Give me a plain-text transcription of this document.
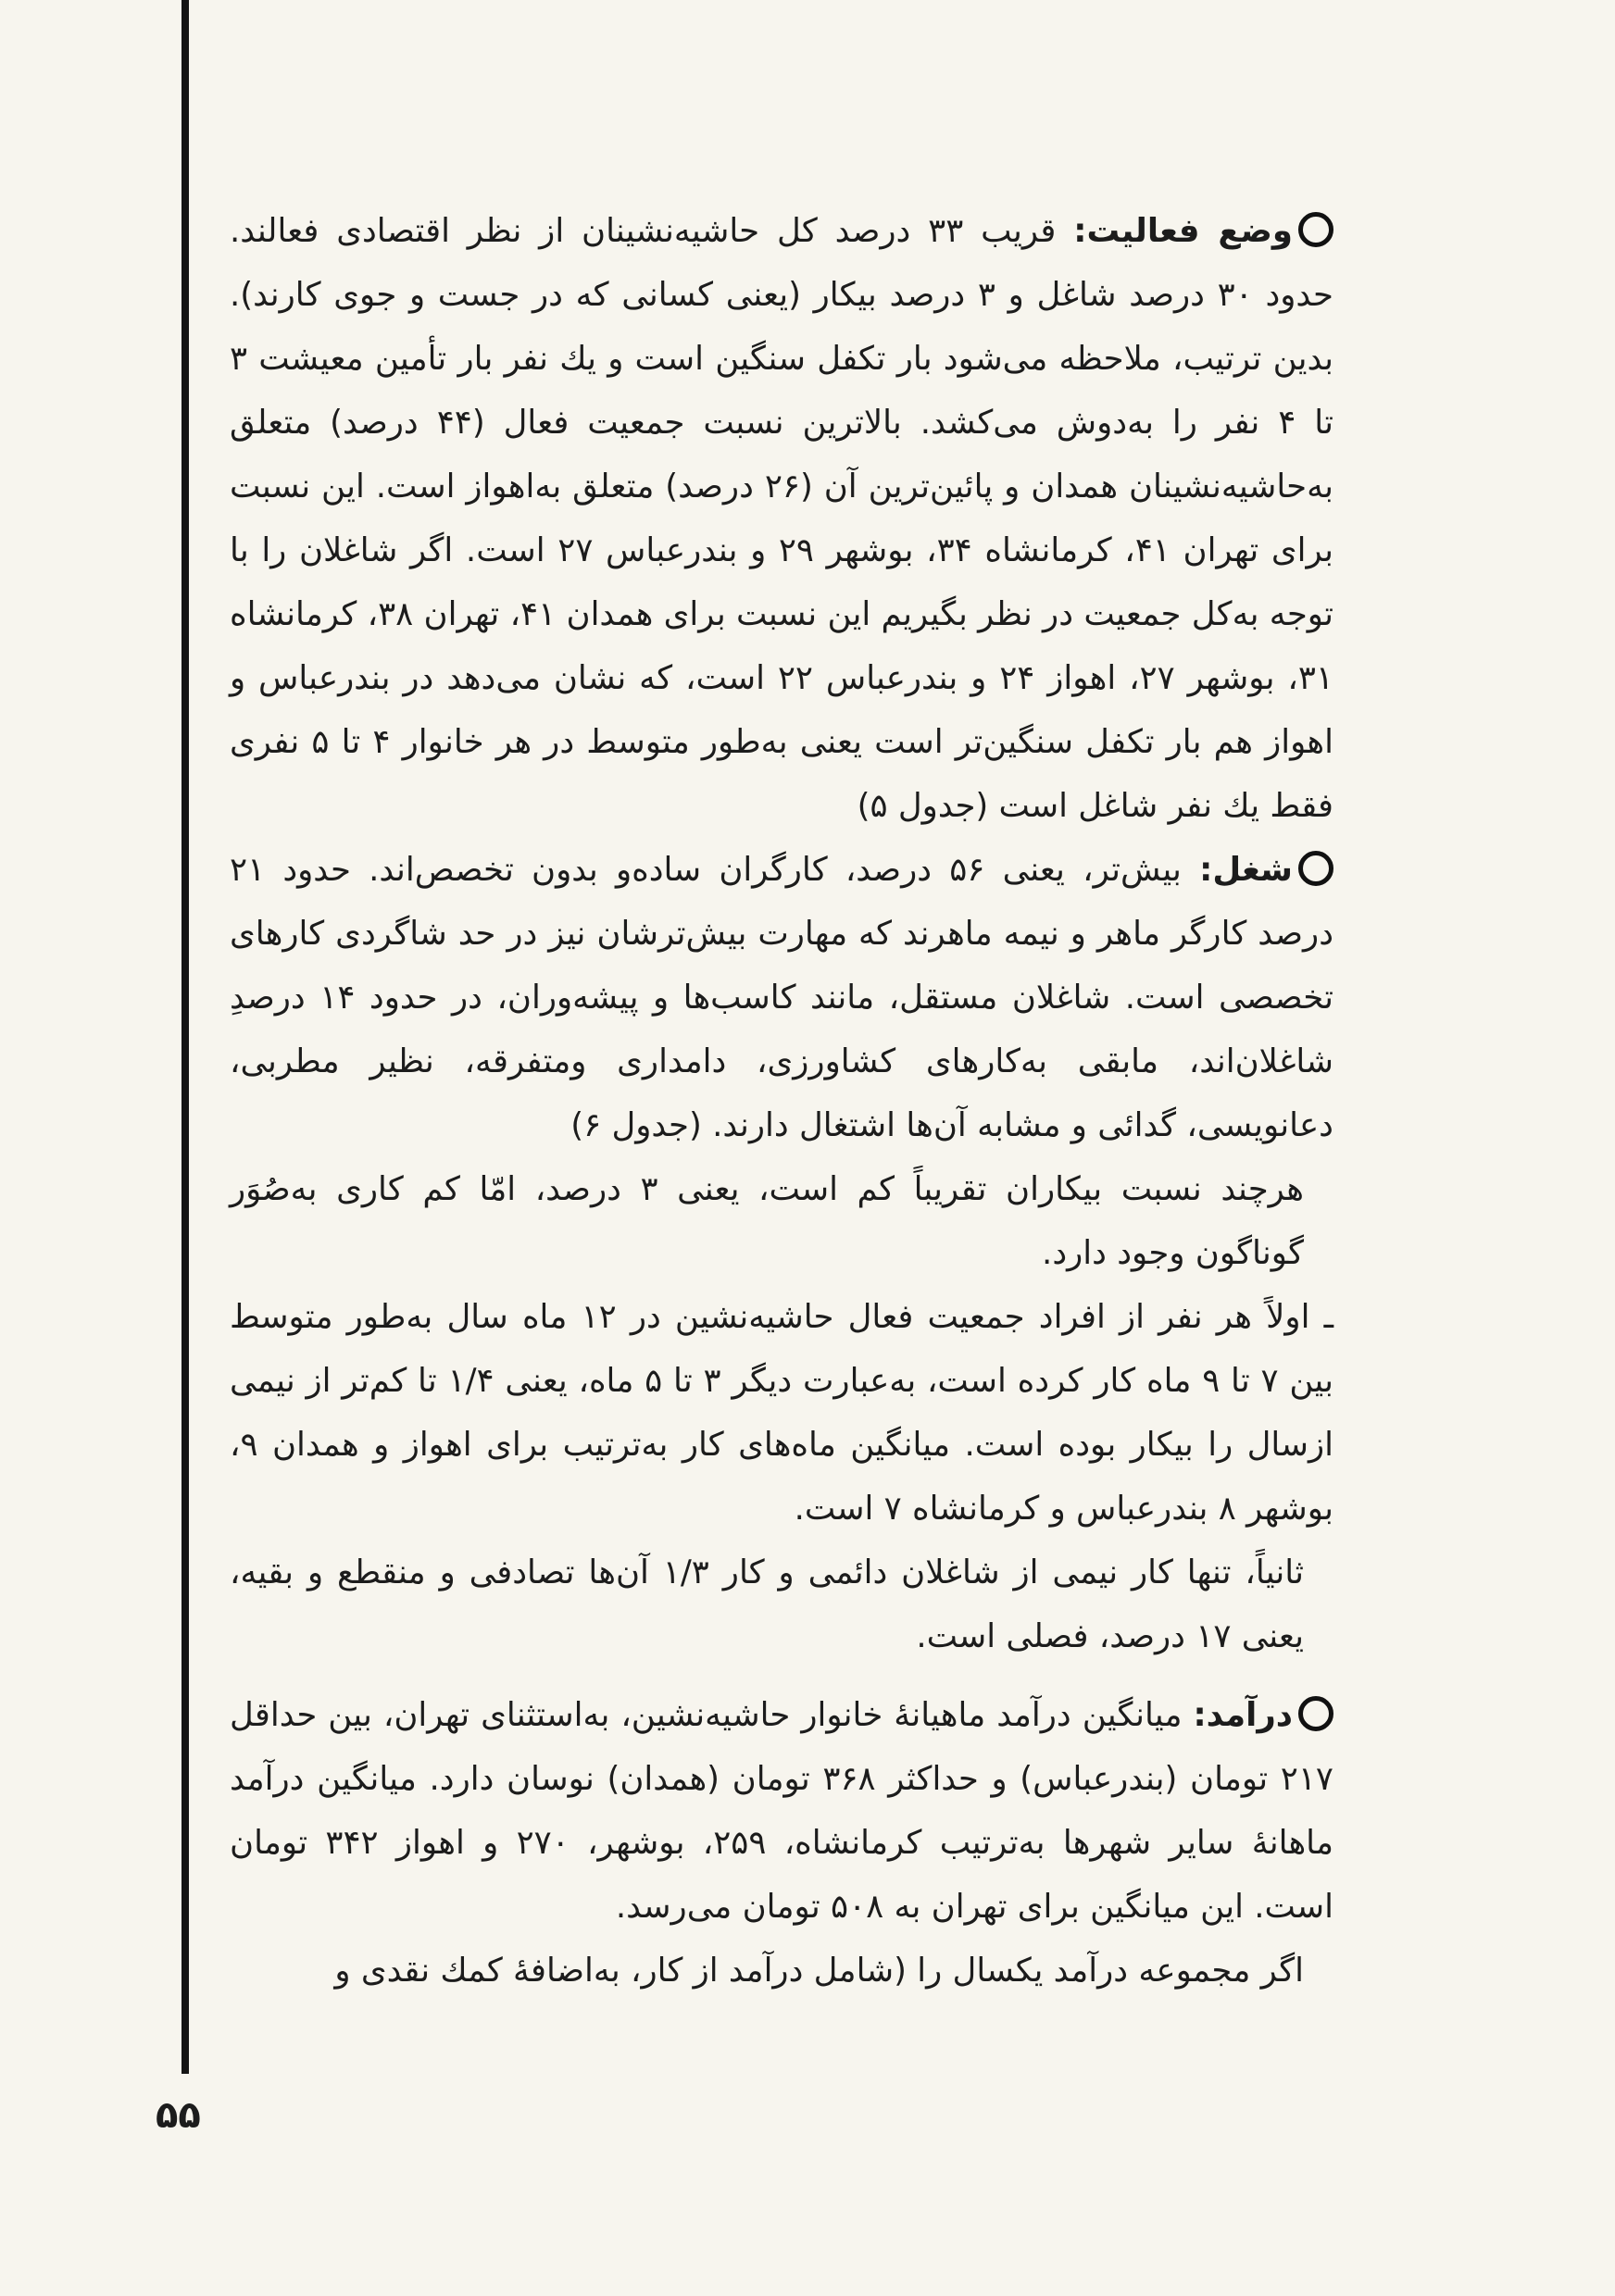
وضع فعالیت: قریب ۳۳ درصد کل حاشیه‌نشینان از نظر اقتصادی فعالند. حدود ۳۰ درصد شاغل و ۳ درصد بیکار (یعنی کسانی که در جست و جوی کارند). بدین ترتیب، ملاحظه می‌شود بار تکفل سنگین است و یك نفر بار تأمین معیشت ۳ تا ۴ نفر را به‌دوش می‌کشد. بالاترین نسبت جمعیت فعال (۴۴ درصد) متعلق به‌حاشیه‌نشینان همدان و پائین‌ترین آن (۲۶ درصد) متعلق به‌اهواز است. این نسبت برای تهران ۴۱، کرمانشاه ۳۴، بوشهر ۲۹ و بندرعباس ۲۷ است. اگر شاغلان را با توجه به‌کل جمعیت در نظر بگیریم این نسبت برای همدان ۴۱، تهران ۳۸، کرمانشاه ۳۱، بوشهر ۲۷، اهواز ۲۴ و بندرعباس ۲۲ است، که نشان می‌دهد در بندرعباس و اهواز هم بار تکفل سنگین‌تر است یعنی به‌طور متوسط در هر خانوار ۴ تا ۵ نفری فقط یك نفر شاغل است (جدول ۵)

شغل: بیش‌تر، یعنی ۵۶ درصد، کارگران ساده‌و بدون تخصص‌اند. حدود ۲۱ درصد کارگر ماهر و نیمه ماهرند که مهارت بیش‌ترشان نیز در حد شاگردی کارهای تخصصی است. شاغلان مستقل، مانند کاسب‌ها و پیشه‌وران، در حدود ۱۴ درصدِ شاغلان‌اند، مابقی به‌کارهای کشاورزی، دامداری ومتفرقه، نظیر مطربی، دعانویسی، گدائی و مشابه آن‌ها اشتغال دارند. (جدول ۶)

هرچند نسبت بیکاران تقریباً کم است، یعنی ۳ درصد، امّا کم کاری به‌صُوَر گوناگون وجود دارد.

ـ اولاً هر نفر از افراد جمعیت فعال حاشیه‌نشین در ۱۲ ماه سال به‌طور متوسط بین ۷ تا ۹ ماه کار کرده است، به‌عبارت دیگر ۳ تا ۵ ماه، یعنی ۱/۴ تا کم‌تر از نیمی ازسال را بیکار بوده است. میانگین ماه‌های کار به‌ترتیب برای اهواز و همدان ۹، بوشهر ۸ بندرعباس و کرمانشاه ۷ است.

ثانیاً، تنها کار نیمی از شاغلان دائمی و کار ۱/۳ آن‌ها تصادفی و منقطع و بقیه، یعنی ۱۷ درصد، فصلی است.

درآمد: میانگین درآمد ماهیانهٔ خانوار حاشیه‌نشین، به‌استثنای تهران، بین حداقل ۲۱۷ تومان (بندرعباس) و حداکثر ۳۶۸ تومان (همدان) نوسان دارد. میانگین درآمد ماهانهٔ سایر شهرها به‌ترتیب کرمانشاه، ۲۵۹، بوشهر، ۲۷۰ و اهواز ۳۴۲ تومان است. این میانگین برای تهران به ۵۰۸ تومان می‌رسد.

اگر مجموعه درآمد یکسال را (شامل درآمد از کار، به‌اضافهٔ کمك نقدی و

۵۵
